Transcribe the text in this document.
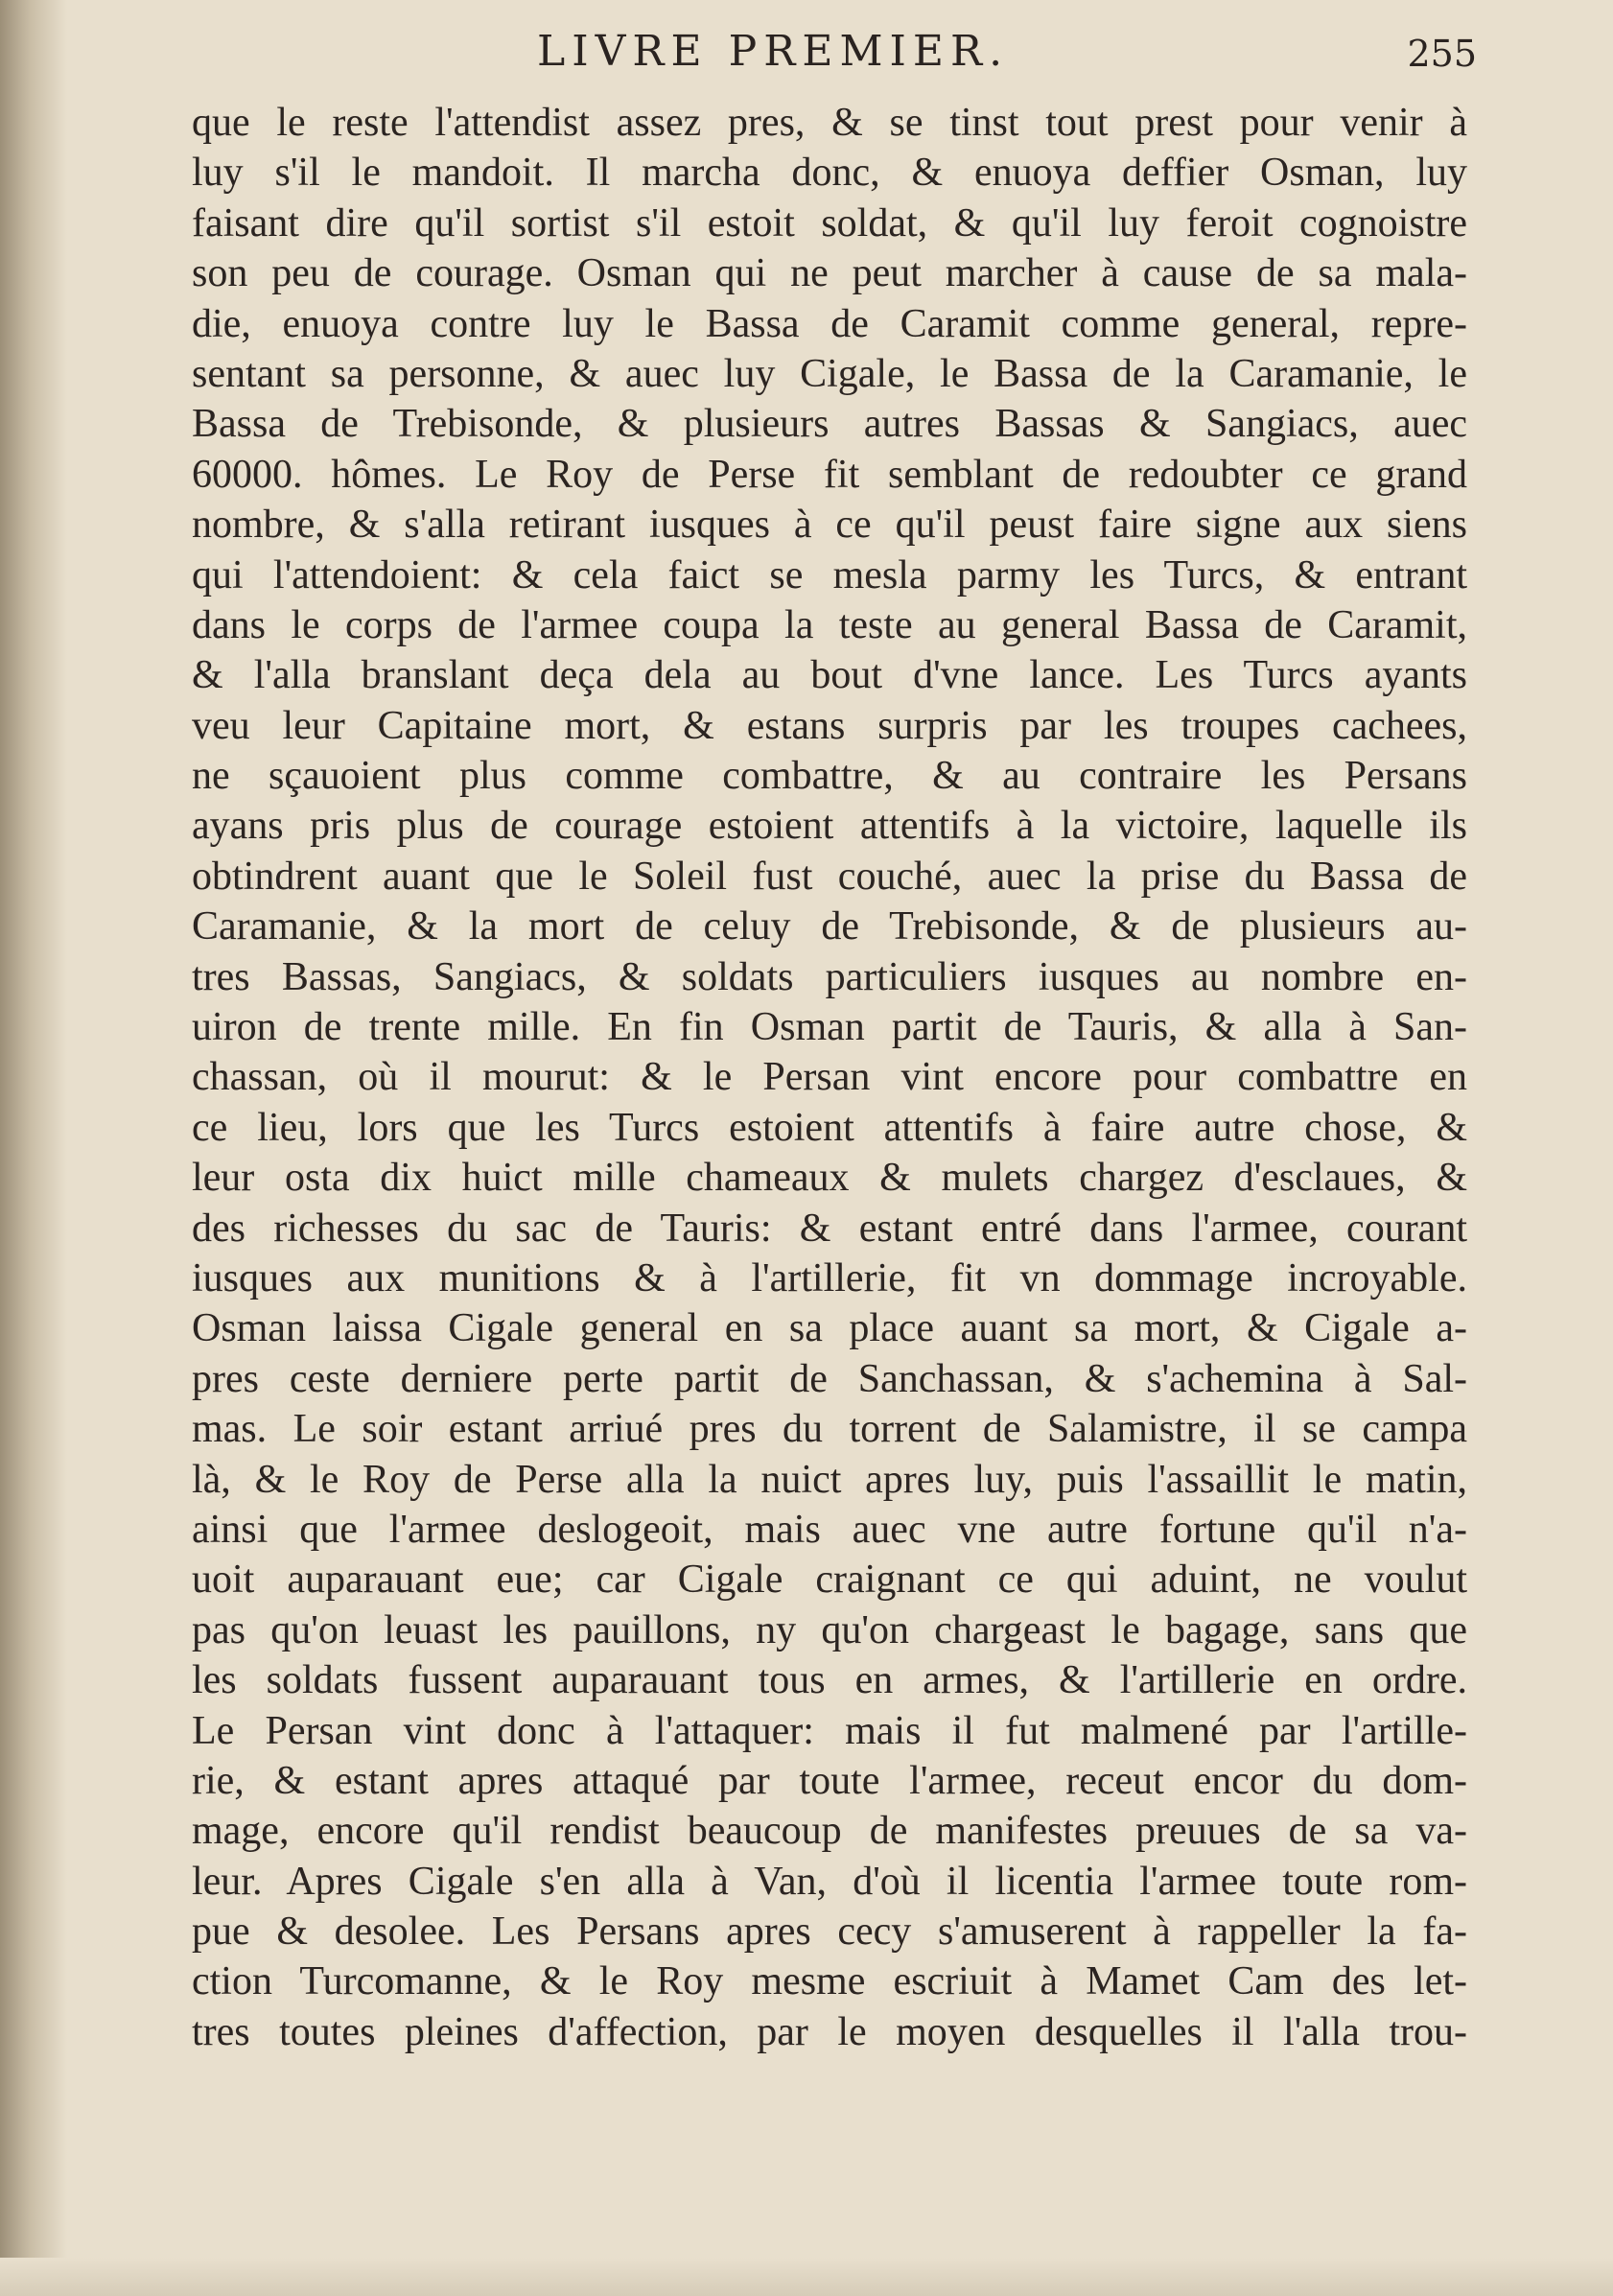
LIVRE PREMIER.	255
que le reste l'attendist assez pres, & se tinst tout prest pour venir à
luy s'il le mandoit. Il marcha donc, & enuoya deffier Osman, luy
faisant dire qu'il sortist s'il estoit soldat, & qu'il luy feroit cognoistre
son peu de courage. Osman qui ne peut marcher à cause de sa mala-
die, enuoya contre luy le Bassa de Caramit comme general, repre-
sentant sa personne, & auec luy Cigale, le Bassa de la Caramanie, le
Bassa de Trebisonde, & plusieurs autres Bassas & Sangiacs, auec
60000. hômes. Le Roy de Perse fit semblant de redoubter ce grand
nombre, & s'alla retirant iusques à ce qu'il peust faire signe aux siens
qui l'attendoient: & cela faict se mesla parmy les Turcs, & entrant
dans le corps de l'armee coupa la teste au general Bassa de Caramit,
& l'alla branslant deça dela au bout d'vne lance. Les Turcs ayants
veu leur Capitaine mort, & estans surpris par les troupes cachees,
ne sçauoient plus comme combattre, & au contraire les Persans
ayans pris plus de courage estoient attentifs à la victoire, laquelle ils
obtindrent auant que le Soleil fust couché, auec la prise du Bassa de
Caramanie, & la mort de celuy de Trebisonde, & de plusieurs au-
tres Bassas, Sangiacs, & soldats particuliers iusques au nombre en-
uiron de trente mille. En fin Osman partit de Tauris, & alla à San-
chassan, où il mourut: & le Persan vint encore pour combattre en
ce lieu, lors que les Turcs estoient attentifs à faire autre chose, &
leur osta dix huict mille chameaux & mulets chargez d'esclaues, &
des richesses du sac de Tauris: & estant entré dans l'armee, courant
iusques aux munitions & à l'artillerie, fit vn dommage incroyable.
Osman laissa Cigale general en sa place auant sa mort, & Cigale a-
pres ceste derniere perte partit de Sanchassan, & s'achemina à Sal-
mas. Le soir estant arriué pres du torrent de Salamistre, il se campa
là, & le Roy de Perse alla la nuict apres luy, puis l'assaillit le matin,
ainsi que l'armee deslogeoit, mais auec vne autre fortune qu'il n'a-
uoit auparauant eue; car Cigale craignant ce qui aduint, ne voulut
pas qu'on leuast les pauillons, ny qu'on chargeast le bagage, sans que
les soldats fussent auparauant tous en armes, & l'artillerie en ordre.
Le Persan vint donc à l'attaquer: mais il fut malmené par l'artille-
rie, & estant apres attaqué par toute l'armee, receut encor du dom-
mage, encore qu'il rendist beaucoup de manifestes preuues de sa va-
leur. Apres Cigale s'en alla à Van, d'où il licentia l'armee toute rom-
pue & desolee. Les Persans apres cecy s'amuserent à rappeller la fa-
ction Turcomanne, & le Roy mesme escriuit à Mamet Cam des let-
tres toutes pleines d'affection, par le moyen desquelles il l'alla trou-
